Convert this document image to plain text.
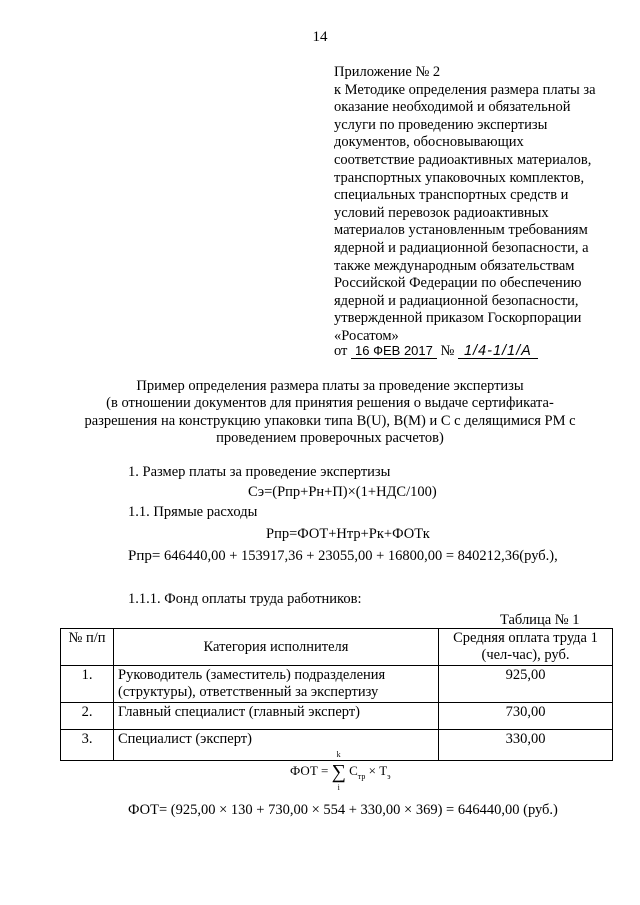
14
Приложение № 2
к Методике определения размера платы за
оказание необходимой и обязательной
услуги по проведению экспертизы
документов, обосновывающих
соответствие радиоактивных материалов,
транспортных упаковочных комплектов,
специальных транспортных средств и
условий перевозок радиоактивных
материалов установленным требованиям
ядерной и радиационной безопасности, а
также международным обязательствам
Российской Федерации по обеспечению
ядерной и радиационной безопасности,
утвержденной приказом Госкорпорации
«Росатом»
от 16 ФЕВ 2017 № 1/4-1/1/А
Пример определения размера платы за проведение экспертизы
(в отношении документов для принятия решения о выдаче сертификата-
разрешения на конструкцию упаковки типа B(U), B(M) и С с делящимися РМ с
проведением проверочных расчетов)
1. Размер платы за проведение экспертизы
Сэ=(Рпр+Рн+П)×(1+НДС/100)
1.1. Прямые расходы
Рпр=ФОТ+Нтр+Рк+ФОТк
Рпр= 646440,00 + 153917,36 + 23055,00 + 16800,00 = 840212,36(руб.),
1.1.1. Фонд оплаты труда работников:
Таблица № 1
№ п/п	Категория исполнителя	Средняя оплата труда 1 (чел-час), руб.
1.	Руководитель (заместитель) подразделения (структуры), ответственный за экспертизу	925,00
2.	Главный специалист (главный эксперт)	730,00
3.	Специалист (эксперт)	330,00
ФОТ =
k
∑
i
$С_{тр} \times Т_э$
ФОТ= (925,00 × 130 + 730,00 × 554 + 330,00 × 369) = 646440,00 (руб.)
